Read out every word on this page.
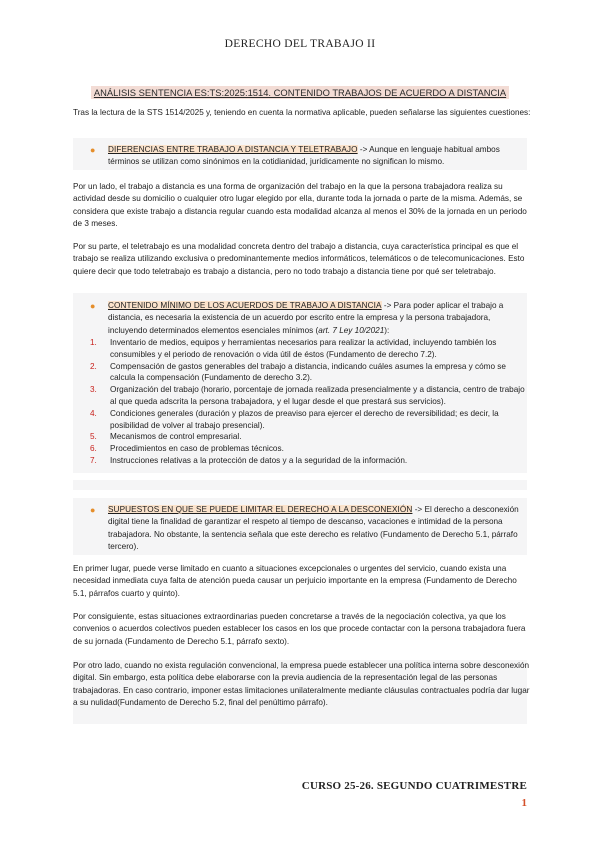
DERECHO DEL TRABAJO II
ANÁLISIS SENTENCIA ES:TS:2025:1514. CONTENIDO TRABAJOS DE ACUERDO A DISTANCIA
Tras la lectura de la STS 1514/2025 y, teniendo en cuenta la normativa aplicable, pueden señalarse las siguientes cuestiones:
●	DIFERENCIAS ENTRE TRABAJO A DISTANCIA Y TELETRABAJO -> Aunque en lenguaje habitual ambos términos se utilizan como sinónimos en la cotidianidad, jurídicamente no significan lo mismo.
Por un lado, el trabajo a distancia es una forma de organización del trabajo en la que la persona trabajadora realiza su actividad desde su domicilio o cualquier otro lugar elegido por ella, durante toda la jornada o parte de la misma. Además, se considera que existe trabajo a distancia regular cuando esta modalidad alcanza al menos el 30% de la jornada en un periodo de 3 meses.
Por su parte, el teletrabajo es una modalidad concreta dentro del trabajo a distancia, cuya característica principal es que el trabajo se realiza utilizando exclusiva o predominantemente medios informáticos, telemáticos o de telecomunicaciones. Esto quiere decir que todo teletrabajo es trabajo a distancia, pero no todo trabajo a distancia tiene por qué ser teletrabajo.
●	CONTENIDO MÍNIMO DE LOS ACUERDOS DE TRABAJO A DISTANCIA -> Para poder aplicar el trabajo a distancia, es necesaria la existencia de un acuerdo por escrito entre la empresa y la persona trabajadora, incluyendo determinados elementos esenciales mínimos (art. 7 Ley 10/2021):
1. Inventario de medios, equipos y herramientas necesarios para realizar la actividad, incluyendo también los consumibles y el periodo de renovación o vida útil de éstos (Fundamento de derecho 7.2).
2. Compensación de gastos generables del trabajo a distancia, indicando cuáles asumes la empresa y cómo se calcula la compensación (Fundamento de derecho 3.2).
3. Organización del trabajo (horario, porcentaje de jornada realizada presencialmente y a distancia, centro de trabajo al que queda adscrita la persona trabajadora, y el lugar desde el que prestará sus servicios).
4. Condiciones generales (duración y plazos de preaviso para ejercer el derecho de reversibilidad; es decir, la posibilidad de volver al trabajo presencial).
5. Mecanismos de control empresarial.
6. Procedimientos en caso de problemas técnicos.
7. Instrucciones relativas a la protección de datos y a la seguridad de la información.
●	SUPUESTOS EN QUE SE PUEDE LIMITAR EL DERECHO A LA DESCONEXIÓN -> El derecho a desconexión digital tiene la finalidad de garantizar el respeto al tiempo de descanso, vacaciones e intimidad de la persona trabajadora. No obstante, la sentencia señala que este derecho es relativo (Fundamento de Derecho 5.1, párrafo tercero).
En primer lugar, puede verse limitado en cuanto a situaciones excepcionales o urgentes del servicio, cuando exista una necesidad inmediata cuya falta de atención pueda causar un perjuicio importante en la empresa (Fundamento de Derecho 5.1, párrafos cuarto y quinto).
Por consiguiente, estas situaciones extraordinarias pueden concretarse a través de la negociación colectiva, ya que los convenios o acuerdos colectivos pueden establecer los casos en los que procede contactar con la persona trabajadora fuera de su jornada (Fundamento de Derecho 5.1, párrafo sexto).
Por otro lado, cuando no exista regulación convencional, la empresa puede establecer una política interna sobre desconexión digital. Sin embargo, esta política debe elaborarse con la previa audiencia de la representación legal de las personas trabajadoras. En caso contrario, imponer estas limitaciones unilateralmente mediante cláusulas contractuales podría dar lugar a su nulidad(Fundamento de Derecho 5.2, final del penúltimo párrafo).
CURSO 25-26. SEGUNDO CUATRIMESTRE
1
